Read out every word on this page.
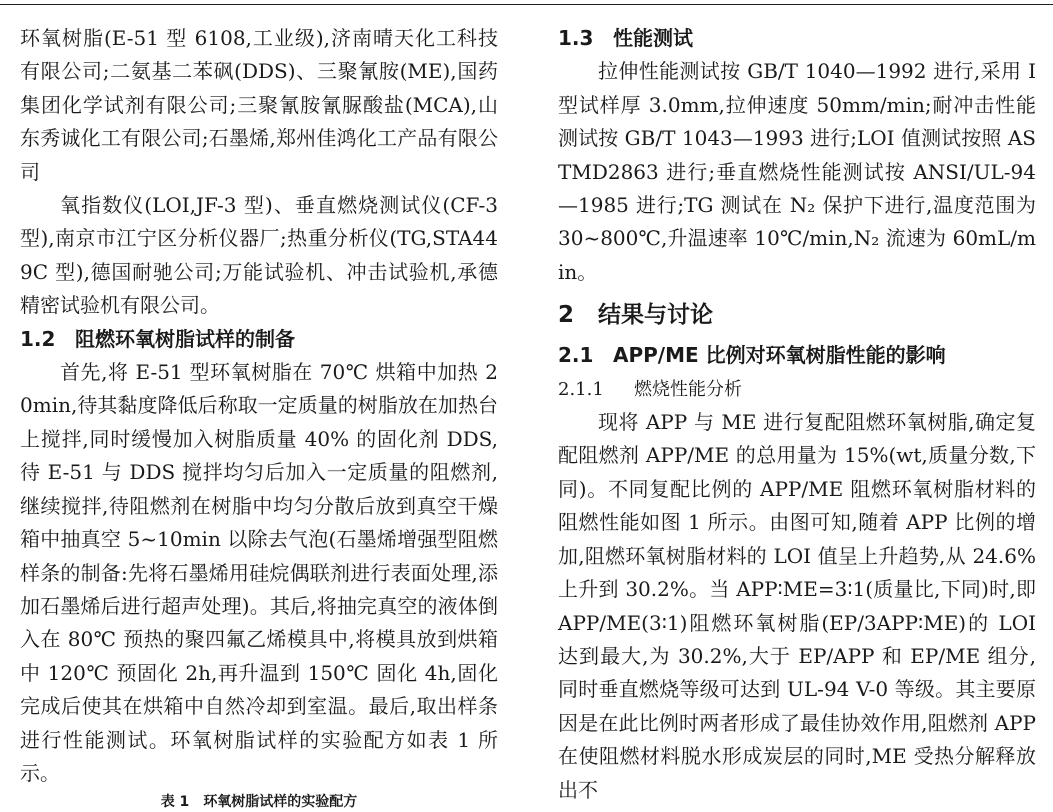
环氧树脂(E-51 型 6108,工业级),济南晴天化工科技有限公司;二氨基二苯砜(DDS)、三聚氰胺(ME),国药集团化学试剂有限公司;三聚氰胺氰脲酸盐(MCA),山东秀诚化工有限公司;石墨烯,郑州佳鸿化工产品有限公司

氧指数仪(LOI,JF-3 型)、垂直燃烧测试仪(CF-3 型),南京市江宁区分析仪器厂;热重分析仪(TG,STA449C 型),德国耐驰公司;万能试验机、冲击试验机,承德精密试验机有限公司。

1.2 阻燃环氧树脂试样的制备

首先,将 E-51 型环氧树脂在 70℃ 烘箱中加热 20min,待其黏度降低后称取一定质量的树脂放在加热台上搅拌,同时缓慢加入树脂质量 40% 的固化剂 DDS,待 E-51 与 DDS 搅拌均匀后加入一定质量的阻燃剂,继续搅拌,待阻燃剂在树脂中均匀分散后放到真空干燥箱中抽真空 5~10min 以除去气泡(石墨烯增强型阻燃样条的制备:先将石墨烯用硅烷偶联剂进行表面处理,添加石墨烯后进行超声处理)。其后,将抽完真空的液体倒入在 80℃ 预热的聚四氟乙烯模具中,将模具放到烘箱中 120℃ 预固化 2h,再升温到 150℃ 固化 4h,固化完成后使其在烘箱中自然冷却到室温。最后,取出样条进行性能测试。环氧树脂试样的实验配方如表 1 所示。

表 1 环氧树脂试样的实验配方
1.3 性能测试

拉伸性能测试按 GB/T 1040—1992 进行,采用 I 型试样厚 3.0mm,拉伸速度 50mm/min;耐冲击性能测试按 GB/T 1043—1993 进行;LOI 值测试按照 ASTMD2863 进行;垂直燃烧性能测试按 ANSI/UL-94—1985 进行;TG 测试在 N₂ 保护下进行,温度范围为 30~800℃,升温速率 10℃/min,N₂ 流速为 60mL/min。

2 结果与讨论
2.1 APP/ME 比例对环氧树脂性能的影响
2.1.1 燃烧性能分析

现将 APP 与 ME 进行复配阻燃环氧树脂,确定复配阻燃剂 APP/ME 的总用量为 15%(wt,质量分数,下同)。不同复配比例的 APP/ME 阻燃环氧树脂材料的阻燃性能如图 1 所示。由图可知,随着 APP 比例的增加,阻燃环氧树脂材料的 LOI 值呈上升趋势,从 24.6% 上升到 30.2%。当 APP∶ME=3∶1(质量比,下同)时,即 APP/ME(3∶1)阻燃环氧树脂(EP/3APP∶ME)的 LOI 达到最大,为 30.2%,大于 EP/APP 和 EP/ME 组分,同时垂直燃烧等级可达到 UL-94 V-0 等级。其主要原因是在此比例时两者形成了最佳协效作用,阻燃剂 APP 在使阻燃材料脱水形成炭层的同时,ME 受热分解释放出不
